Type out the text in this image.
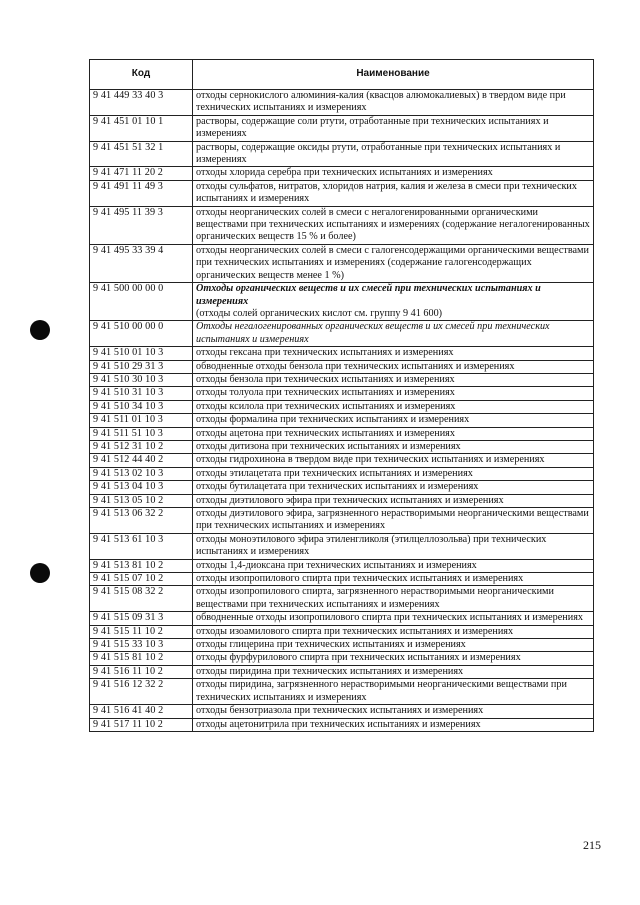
Код	Наименование
9 41 449 33 40 3	отходы сернокислого алюминия-калия (квасцов алюмокалиевых) в твердом виде при технических испытаниях и измерениях
9 41 451 01 10 1	растворы, содержащие соли ртути, отработанные при технических испытаниях и измерениях
9 41 451 51 32 1	растворы, содержащие оксиды ртути, отработанные при технических испытаниях и измерениях
9 41 471 11 20 2	отходы хлорида серебра при технических испытаниях и измерениях
9 41 491 11 49 3	отходы сульфатов, нитратов, хлоридов натрия, калия и железа в смеси при технических испытаниях и измерениях
9 41 495 11 39 3	отходы неорганических солей в смеси с негалогенированными органическими веществами при технических испытаниях и измерениях (содержание негалогенированных органических веществ 15 % и более)
9 41 495 33 39 4	отходы неорганических солей в смеси с галогенсодержащими органическими веществами при технических испытаниях и измерениях (содержание галогенсодержащих органических веществ менее 1 %)
9 41 500 00 00 0	Отходы органических веществ и их смесей при технических испытаниях и измерениях
(отходы солей органических кислот см. группу 9 41 600)
9 41 510 00 00 0	Отходы негалогенированных органических веществ и их смесей при технических испытаниях и измерениях
9 41 510 01 10 3	отходы гексана при технических испытаниях и измерениях
9 41 510 29 31 3	обводненные отходы бензола при технических испытаниях и измерениях
9 41 510 30 10 3	отходы бензола при технических испытаниях и измерениях
9 41 510 31 10 3	отходы толуола при технических испытаниях и измерениях
9 41 510 34 10 3	отходы ксилола при технических испытаниях и измерениях
9 41 511 01 10 3	отходы формалина при технических испытаниях и измерениях
9 41 511 51 10 3	отходы ацетона при технических испытаниях и измерениях
9 41 512 31 10 2	отходы дитизона при технических испытаниях и измерениях
9 41 512 44 40 2	отходы гидрохинона в твердом виде при технических испытаниях и измерениях
9 41 513 02 10 3	отходы этилацетата при технических испытаниях и измерениях
9 41 513 04 10 3	отходы бутилацетата при технических испытаниях и измерениях
9 41 513 05 10 2	отходы диэтилового эфира при технических испытаниях и измерениях
9 41 513 06 32 2	отходы диэтилового эфира, загрязненного нерастворимыми неорганическими веществами при технических испытаниях и измерениях
9 41 513 61 10 3	отходы моноэтилового эфира этиленгликоля (этилцеллозольва) при технических испытаниях и измерениях
9 41 513 81 10 2	отходы 1,4-диоксана при технических испытаниях и измерениях
9 41 515 07 10 2	отходы изопропилового спирта при технических испытаниях и измерениях
9 41 515 08 32 2	отходы изопропилового спирта, загрязненного нерастворимыми неорганическими веществами при технических испытаниях и измерениях
9 41 515 09 31 3	обводненные отходы изопропилового спирта при технических испытаниях и измерениях
9 41 515 11 10 2	отходы изоамилового спирта при технических испытаниях и измерениях
9 41 515 33 10 3	отходы глицерина при технических испытаниях и измерениях
9 41 515 81 10 2	отходы фурфурилового спирта при технических испытаниях и измерениях
9 41 516 11 10 2	отходы пиридина при технических испытаниях и измерениях
9 41 516 12 32 2	отходы пиридина, загрязненного нерастворимыми неорганическими веществами при технических испытаниях и измерениях
9 41 516 41 40 2	отходы бензотриазола при технических испытаниях и измерениях
9 41 517 11 10 2	отходы ацетонитрила при технических испытаниях и измерениях
215
